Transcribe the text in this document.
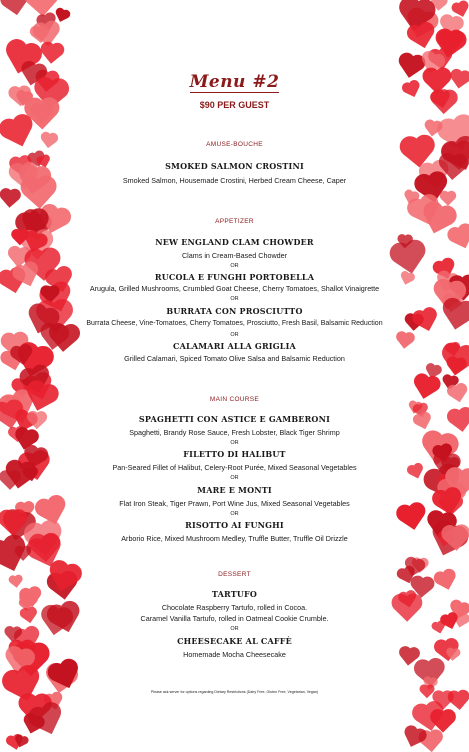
Menu #2
$90 PER GUEST
AMUSE-BOUCHE
SMOKED SALMON CROSTINI
Smoked Salmon, Housemade Crostini, Herbed Cream Cheese, Caper
APPETIZER
NEW ENGLAND CLAM CHOWDER
Clams in Cream-Based Chowder
OR
RUCOLA E FUNGHI PORTOBELLA
Arugula, Grilled Mushrooms, Crumbled Goat Cheese, Cherry Tomatoes, Shallot Vinaigrette
OR
BURRATA CON PROSCIUTTO
Burrata Cheese, Vine-Tomatoes, Cherry Tomatoes, Prosciutto, Fresh Basil, Balsamic Reduction
OR
CALAMARI ALLA GRIGLIA
Grilled Calamari, Spiced Tomato Olive Salsa and Balsamic Reduction
MAIN COURSE
SPAGHETTI CON ASTICE E GAMBERONI
Spaghetti, Brandy Rose Sauce, Fresh Lobster, Black Tiger Shrimp
OR
FILETTO DI HALIBUT
Pan-Seared Fillet of Halibut, Celery-Root Purée, Mixed Seasonal Vegetables
OR
MARE E MONTI
Flat Iron Steak, Tiger Prawn, Port Wine Jus, Mixed Seasonal Vegetables
OR
RISOTTO AI FUNGHI
Arborio Rice, Mixed Mushroom Medley, Truffle Butter, Truffle Oil Drizzle
DESSERT
TARTUFO
Chocolate Raspberry Tartufo, rolled in Cocoa.
Caramel Vanilla Tartufo, rolled in Oatmeal Cookie Crumble.
OR
CHEESECAKE AL CAFFÈ
Homemade Mocha Cheesecake
Please ask server for options regarding Dietary Restrictions (Dairy Free, Gluten Free, Vegetarian, Vegan)
